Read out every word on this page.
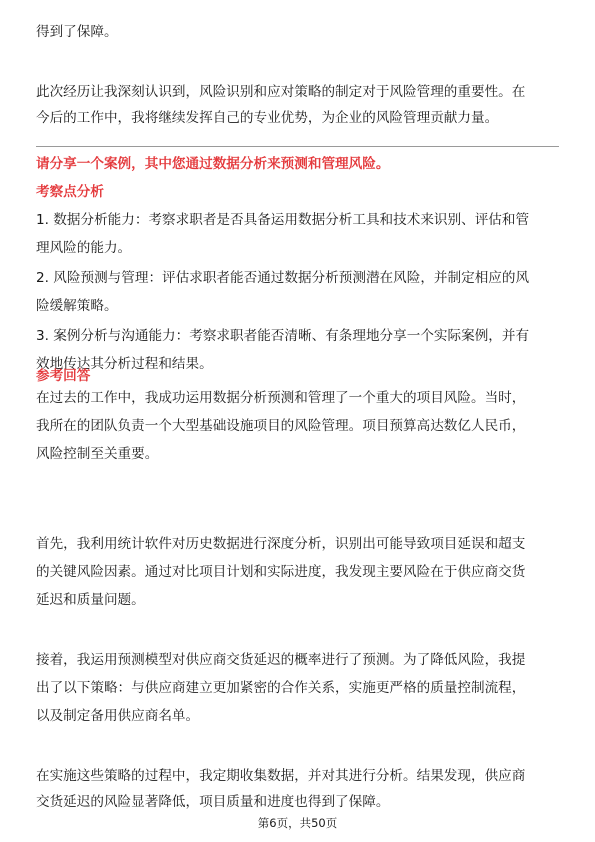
得到了保障。
此次经历让我深刻认识到，风险识别和应对策略的制定对于风险管理的重要性。在
今后的工作中，我将继续发挥自己的专业优势，为企业的风险管理贡献力量。
请分享一个案例，其中您通过数据分析来预测和管理风险。
考察点分析
1. 数据分析能力：考察求职者是否具备运用数据分析工具和技术来识别、评估和管
理风险的能力。
2. 风险预测与管理：评估求职者能否通过数据分析预测潜在风险，并制定相应的风
险缓解策略。
3. 案例分析与沟通能力：考察求职者能否清晰、有条理地分享一个实际案例，并有
效地传达其分析过程和结果。
参考回答
在过去的工作中，我成功运用数据分析预测和管理了一个重大的项目风险。当时，
我所在的团队负责一个大型基础设施项目的风险管理。项目预算高达数亿人民币，
风险控制至关重要。
首先，我利用统计软件对历史数据进行深度分析，识别出可能导致项目延误和超支
的关键风险因素。通过对比项目计划和实际进度，我发现主要风险在于供应商交货
延迟和质量问题。
接着，我运用预测模型对供应商交货延迟的概率进行了预测。为了降低风险，我提
出了以下策略：与供应商建立更加紧密的合作关系，实施更严格的质量控制流程，
以及制定备用供应商名单。
在实施这些策略的过程中，我定期收集数据，并对其进行分析。结果发现，供应商
交货延迟的风险显著降低，项目质量和进度也得到了保障。
第6页，共50页
